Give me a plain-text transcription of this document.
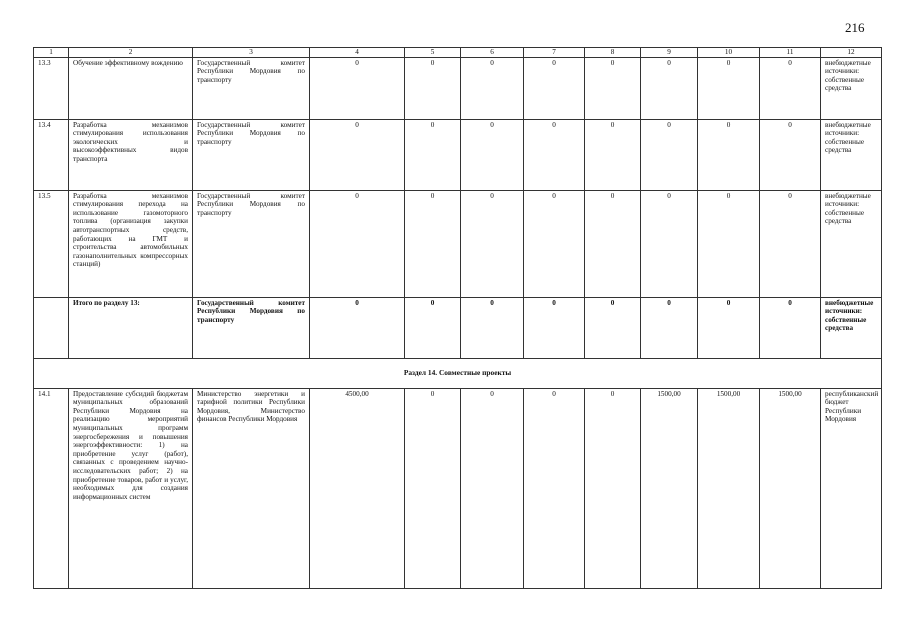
216
1	2	3	4	5	6	7	8	9	10	11	12
13.3	Обучение эффективному вождению	Государственный комитет Республики Мордовия по транспорту	0	0	0	0	0	0	0	0	внебюджетные источники: собственные средства
13.4	Разработка механизмов стимулирования использования экологических и высокоэффективных видов транспорта	Государственный комитет Республики Мордовия по транспорту	0	0	0	0	0	0	0	0	внебюджетные источники: собственные средства
13.5	Разработка механизмов стимулирования перехода на использование газомоторного топлива (организация закупки автотранспортных средств, работающих на ГМТ и строительства автомобильных газонаполнительных компрессорных станций)	Государственный комитет Республики Мордовия по транспорту	0	0	0	0	0	0	0	0	внебюджетные источники: собственные средства
	Итого по разделу 13:	Государственный комитет Республики Мордовия по транспорту	0	0	0	0	0	0	0	0	внебюджетные источники: собственные средства
Раздел 14. Совместные проекты											
14.1	Предоставление субсидий бюджетам муниципальных образований Республики Мордовия на реализацию мероприятий муниципальных программ энергосбережения и повышения энергоэффективности: 1) на приобретение услуг (работ), связанных с проведением научно-исследовательских работ; 2) на приобретение товаров, работ и услуг, необходимых для создания информационных систем	Министерство энергетики и тарифной политики Республики Мордовия, Министерство финансов Республики Мордовия	4500,00	0	0	0	0	1500,00	1500,00	1500,00	республиканский бюджет Республики Мордовия
